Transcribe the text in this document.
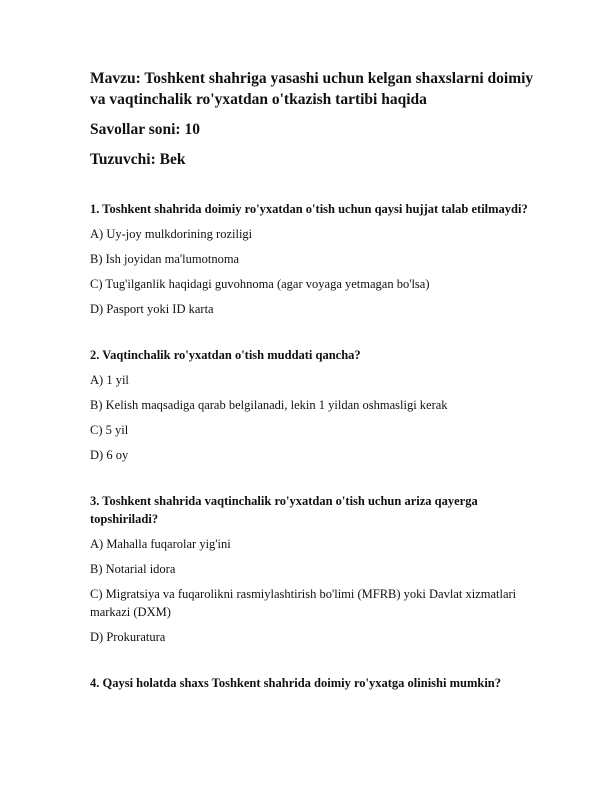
Mavzu: Toshkent shahriga yasashi uchun kelgan shaxslarni doimiy va vaqtinchalik ro'yxatdan o'tkazish tartibi haqida
Savollar soni: 10
Tuzuvchi: Bek
1. Toshkent shahrida doimiy ro'yxatdan o'tish uchun qaysi hujjat talab etilmaydi?
A) Uy-joy mulkdorining roziligi
B) Ish joyidan ma'lumotnoma
C) Tug'ilganlik haqidagi guvohnoma (agar voyaga yetmagan bo'lsa)
D) Pasport yoki ID karta
2. Vaqtinchalik ro'yxatdan o'tish muddati qancha?
A) 1 yil
B) Kelish maqsadiga qarab belgilanadi, lekin 1 yildan oshmasligi kerak
C) 5 yil
D) 6 oy
3. Toshkent shahrida vaqtinchalik ro'yxatdan o'tish uchun ariza qayerga topshiriladi?
A) Mahalla fuqarolar yig'ini
B) Notarial idora
C) Migratsiya va fuqarolikni rasmiylashtirish bo'limi (MFRB) yoki Davlat xizmatlari markazi (DXM)
D) Prokuratura
4. Qaysi holatda shaxs Toshkent shahrida doimiy ro'yxatga olinishi mumkin?
